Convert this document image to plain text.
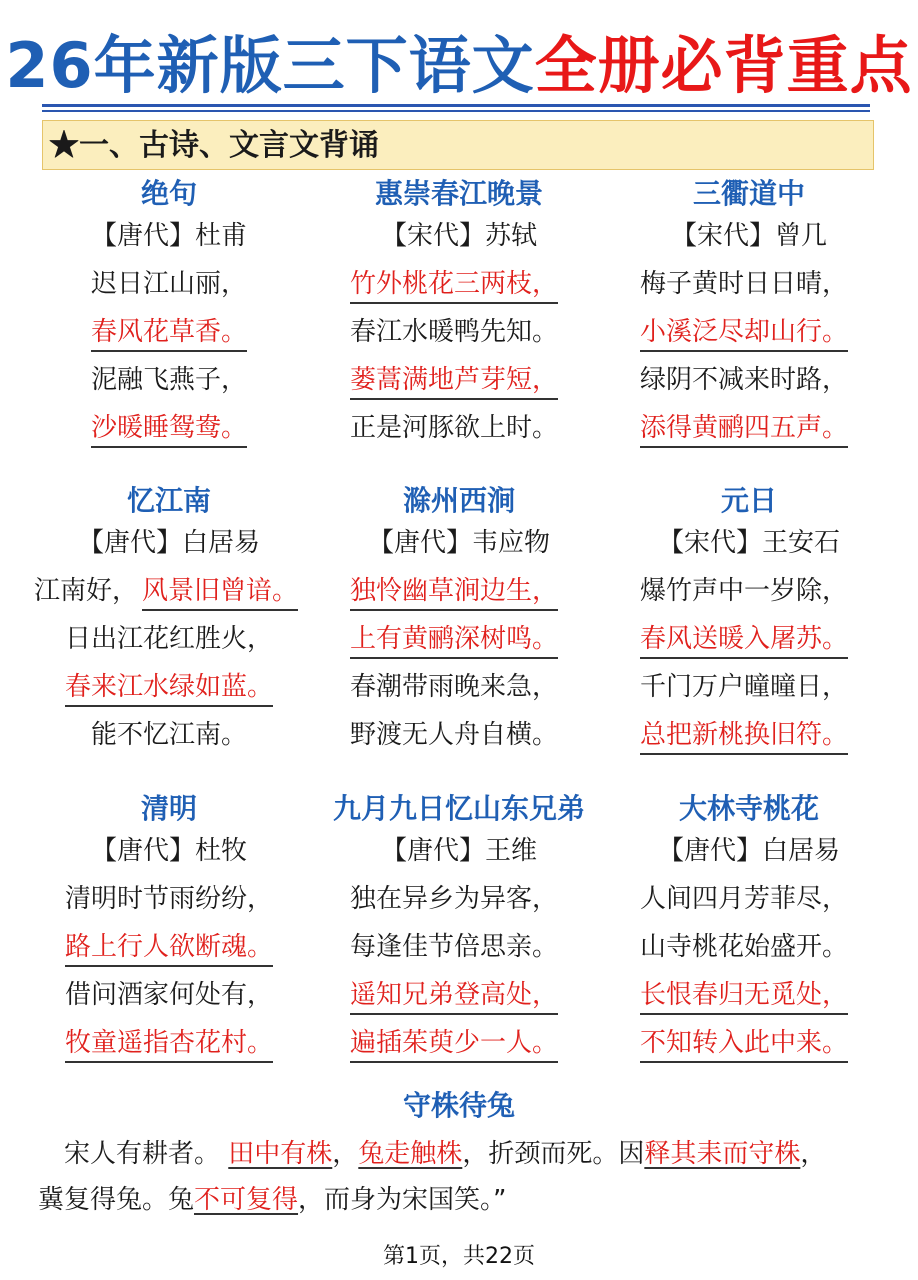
26年新版三下语文全册必背重点
★一、古诗、文言文背诵
绝句
【唐代】杜甫
迟日江山丽，
春风花草香。
泥融飞燕子，
沙暖睡鸳鸯。
惠崇春江晚景
【宋代】苏轼
竹外桃花三两枝，
春江水暖鸭先知。
蒌蒿满地芦芽短，
正是河豚欲上时。
三衢道中
【宋代】曾几
梅子黄时日日晴，
小溪泛尽却山行。
绿阴不减来时路，
添得黄鹂四五声。
忆江南
【唐代】白居易
江南好， 风景旧曾谙。
日出江花红胜火，
春来江水绿如蓝。
能不忆江南。
滁州西涧
【唐代】韦应物
独怜幽草涧边生，
上有黄鹂深树鸣。
春潮带雨晚来急，
野渡无人舟自横。
元日
【宋代】王安石
爆竹声中一岁除，
春风送暖入屠苏。
千门万户曈曈日，
总把新桃换旧符。
清明
【唐代】杜牧
清明时节雨纷纷，
路上行人欲断魂。
借问酒家何处有，
牧童遥指杏花村。
九月九日忆山东兄弟
【唐代】王维
独在异乡为异客，
每逢佳节倍思亲。
遥知兄弟登高处，
遍插茱萸少一人。
大林寺桃花
【唐代】白居易
人间四月芳菲尽，
山寺桃花始盛开。
长恨春归无觅处，
不知转入此中来。
守株待兔
宋人有耕者。 田中有株，兔走触株，折颈而死。因释其耒而守株，
冀复得兔。兔不可复得，而身为宋国笑。”
第1页，共22页
